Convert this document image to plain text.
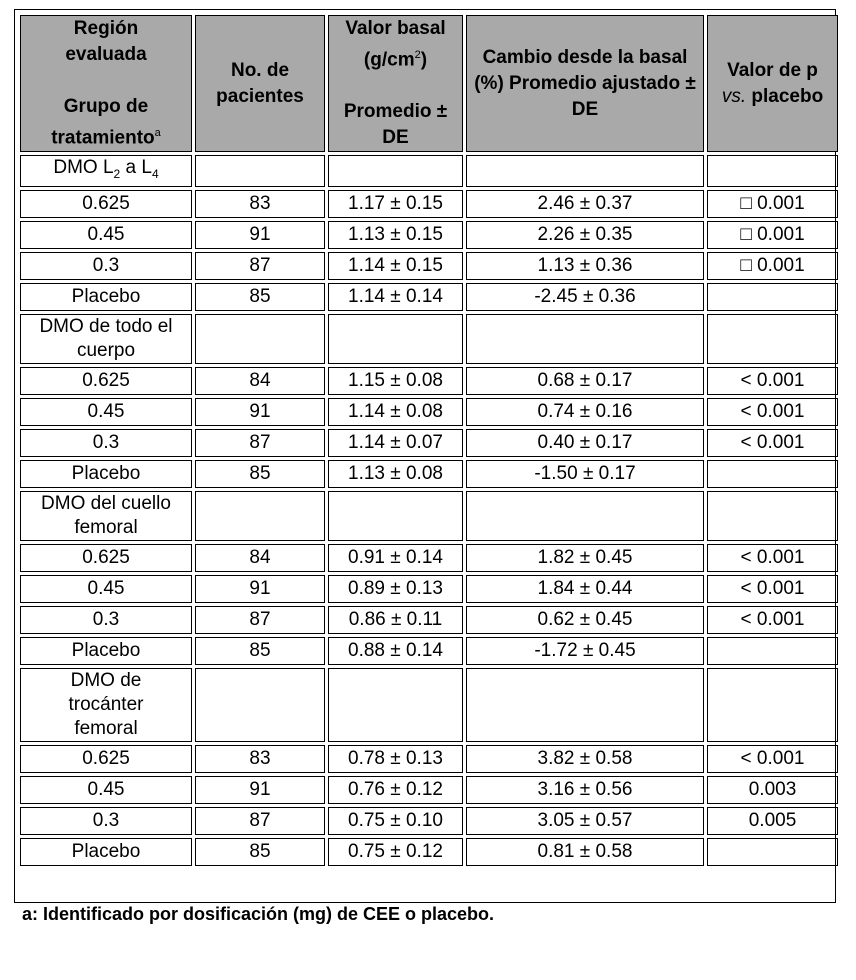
Región
evaluada

Grupo de
tratamiento$^a$	No. de pacientes	Valor basal
$(g/cm^2)$

Promedio ±
DE	Cambio desde la basal (%) Promedio ajustado ± DE	Valor de p
vs. placebo
DMO $L_2$ a $L_4$				
0.625	83	1.17 ± 0.15	2.46 ± 0.37	□ 0.001
0.45	91	1.13 ± 0.15	2.26 ± 0.35	□ 0.001
0.3	87	1.14 ± 0.15	1.13 ± 0.36	□ 0.001
Placebo	85	1.14 ± 0.14	-2.45 ± 0.36	
DMO de todo el
cuerpo				
0.625	84	1.15 ± 0.08	0.68 ± 0.17	< 0.001
0.45	91	1.14 ± 0.08	0.74 ± 0.16	< 0.001
0.3	87	1.14 ± 0.07	0.40 ± 0.17	< 0.001
Placebo	85	1.13 ± 0.08	-1.50 ± 0.17	
DMO del cuello
femoral				
0.625	84	0.91 ± 0.14	1.82 ± 0.45	< 0.001
0.45	91	0.89 ± 0.13	1.84 ± 0.44	< 0.001
0.3	87	0.86 ± 0.11	0.62 ± 0.45	< 0.001
Placebo	85	0.88 ± 0.14	-1.72 ± 0.45	
DMO de
trocánter
femoral				
0.625	83	0.78 ± 0.13	3.82 ± 0.58	< 0.001
0.45	91	0.76 ± 0.12	3.16 ± 0.56	0.003
0.3	87	0.75 ± 0.10	3.05 ± 0.57	0.005
Placebo	85	0.75 ± 0.12	0.81 ± 0.58	
a: Identificado por dosificación (mg) de CEE o placebo.
